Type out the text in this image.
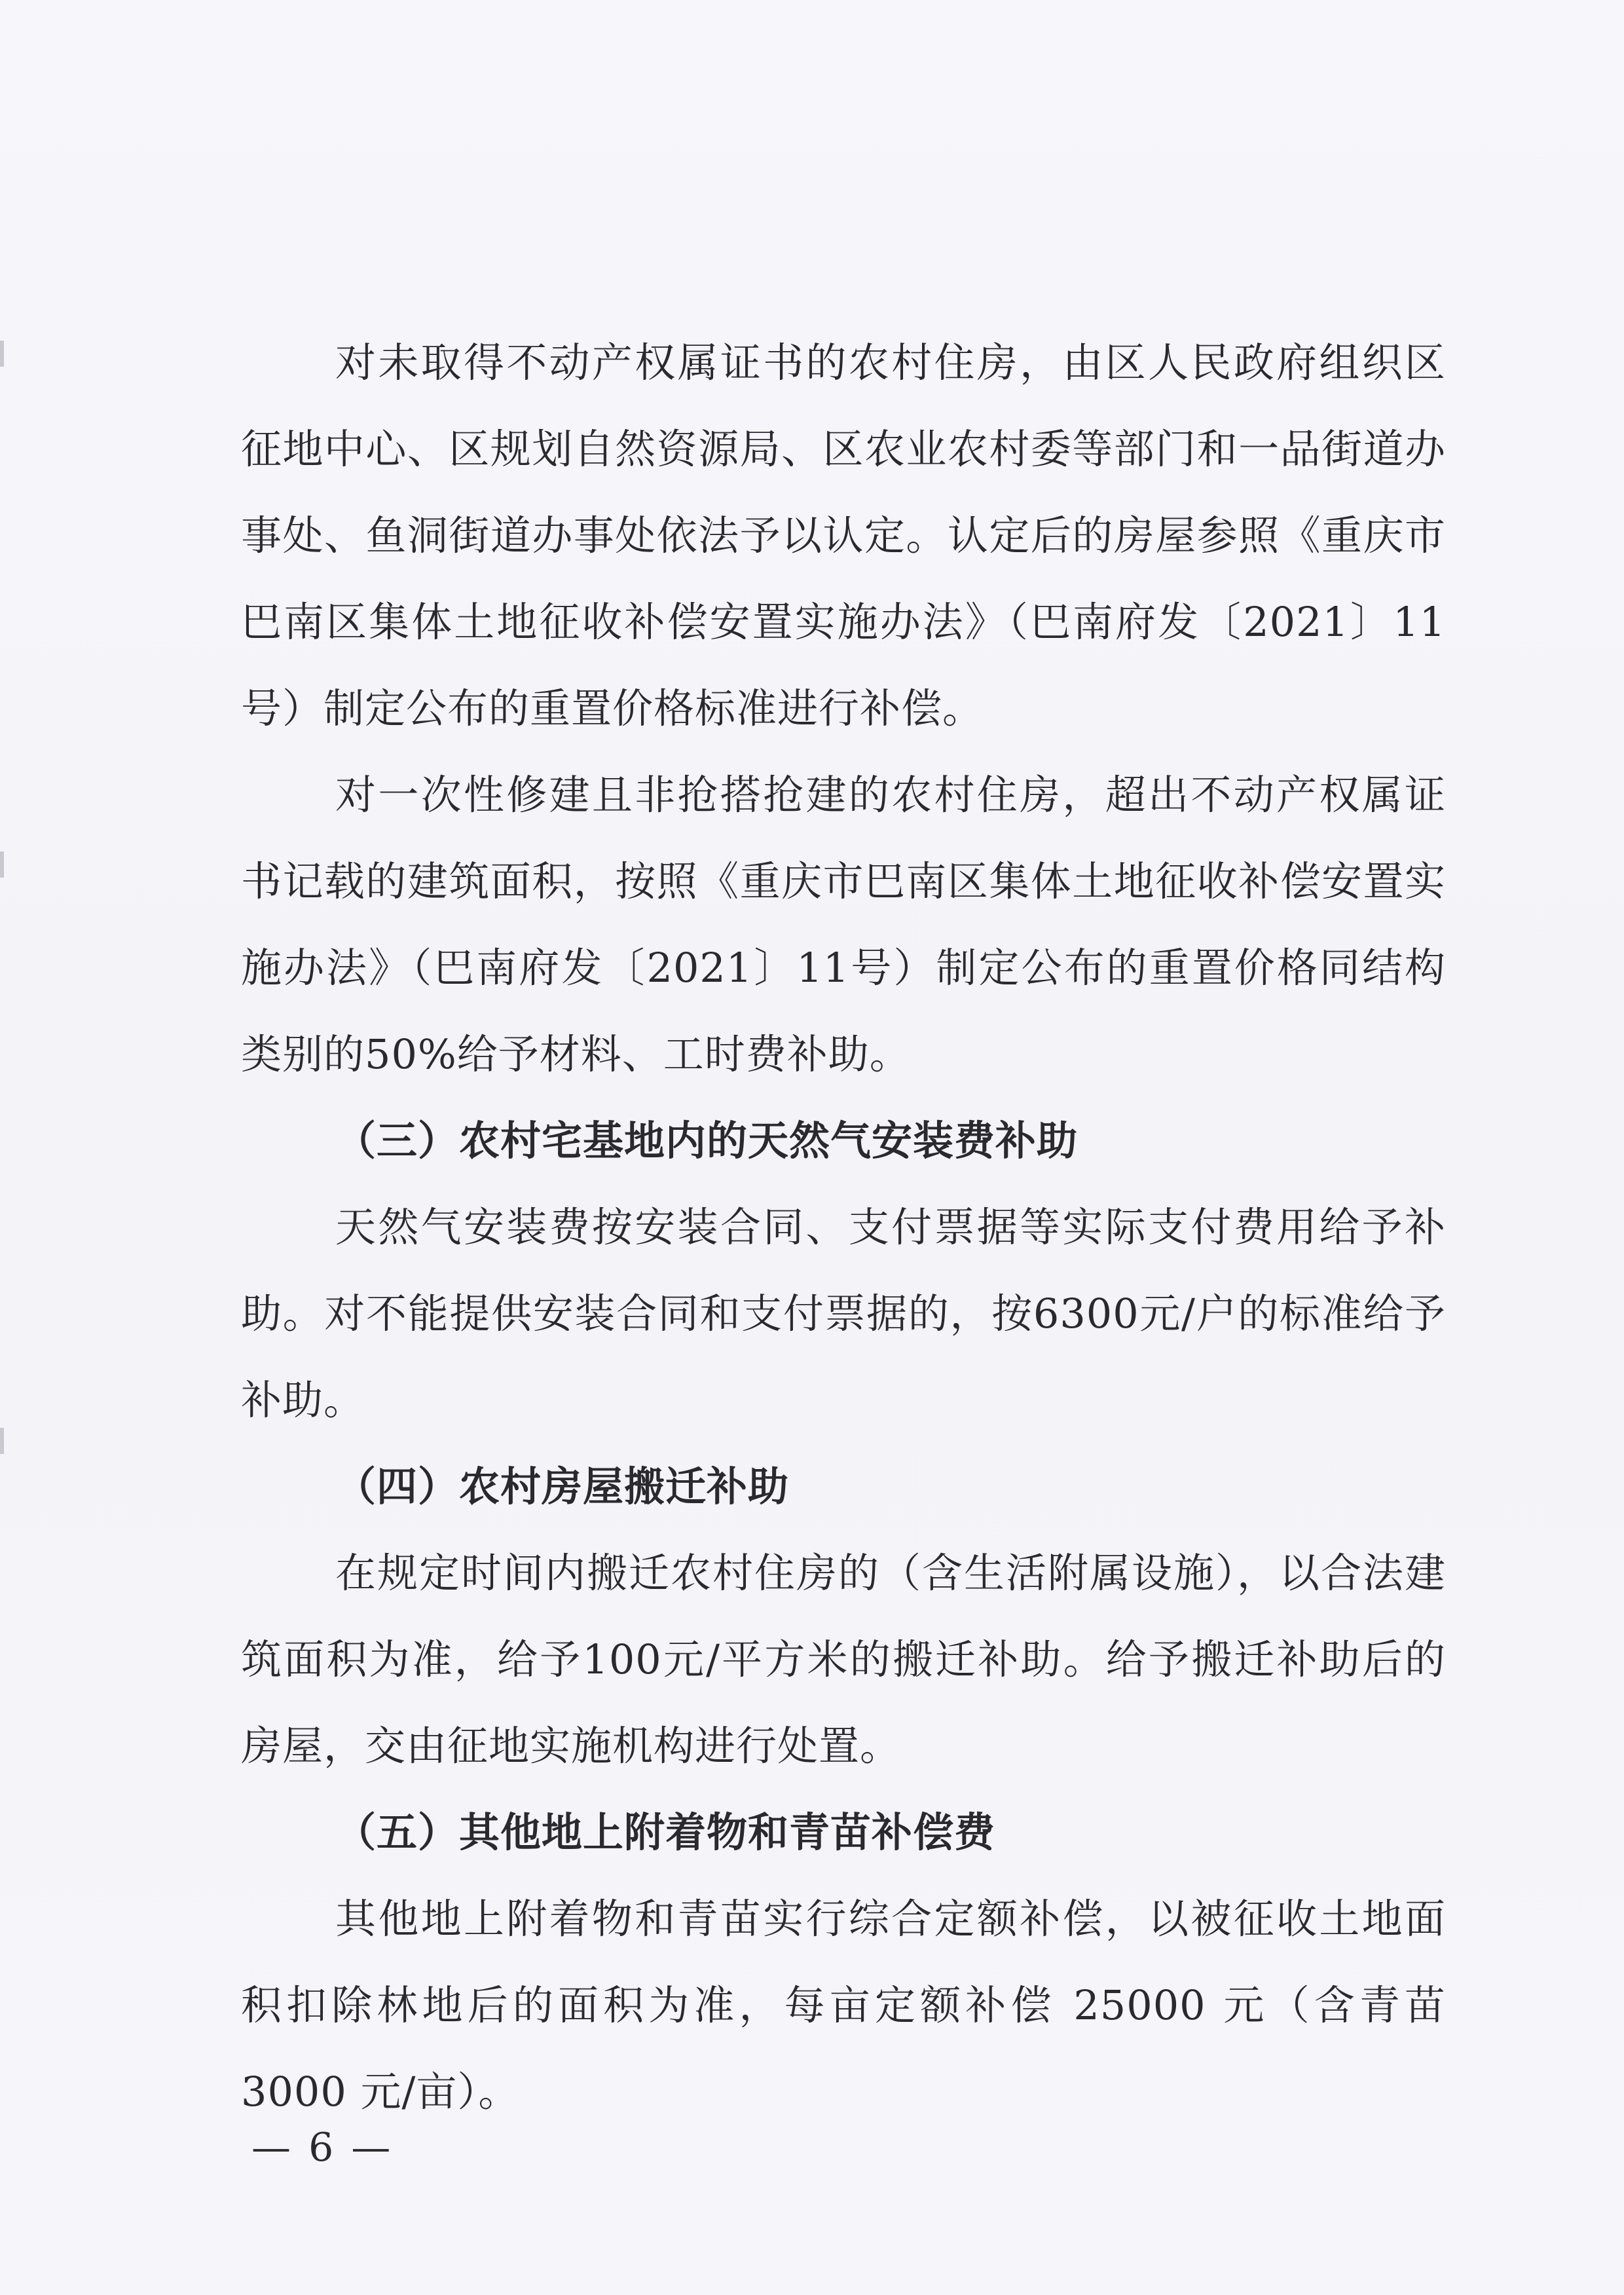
对未取得不动产权属证书的农村住房，由区人民政府组织区征地中心、区规划自然资源局、区农业农村委等部门和一品街道办事处、鱼洞街道办事处依法予以认定。认定后的房屋参照《重庆市巴南区集体土地征收补偿安置实施办法》（巴南府发〔2021〕11号）制定公布的重置价格标准进行补偿。

对一次性修建且非抢搭抢建的农村住房，超出不动产权属证书记载的建筑面积，按照《重庆市巴南区集体土地征收补偿安置实施办法》（巴南府发〔2021〕11号）制定公布的重置价格同结构类别的50%给予材料、工时费补助。

（三）农村宅基地内的天然气安装费补助

天然气安装费按安装合同、支付票据等实际支付费用给予补助。对不能提供安装合同和支付票据的，按6300元/户的标准给予补助。

（四）农村房屋搬迁补助

在规定时间内搬迁农村住房的（含生活附属设施），以合法建筑面积为准，给予100元/平方米的搬迁补助。给予搬迁补助后的房屋，交由征地实施机构进行处置。

（五）其他地上附着物和青苗补偿费

其他地上附着物和青苗实行综合定额补偿，以被征收土地面积扣除林地后的面积为准，每亩定额补偿 25000 元（含青苗3000 元/亩）。

— 6 —
